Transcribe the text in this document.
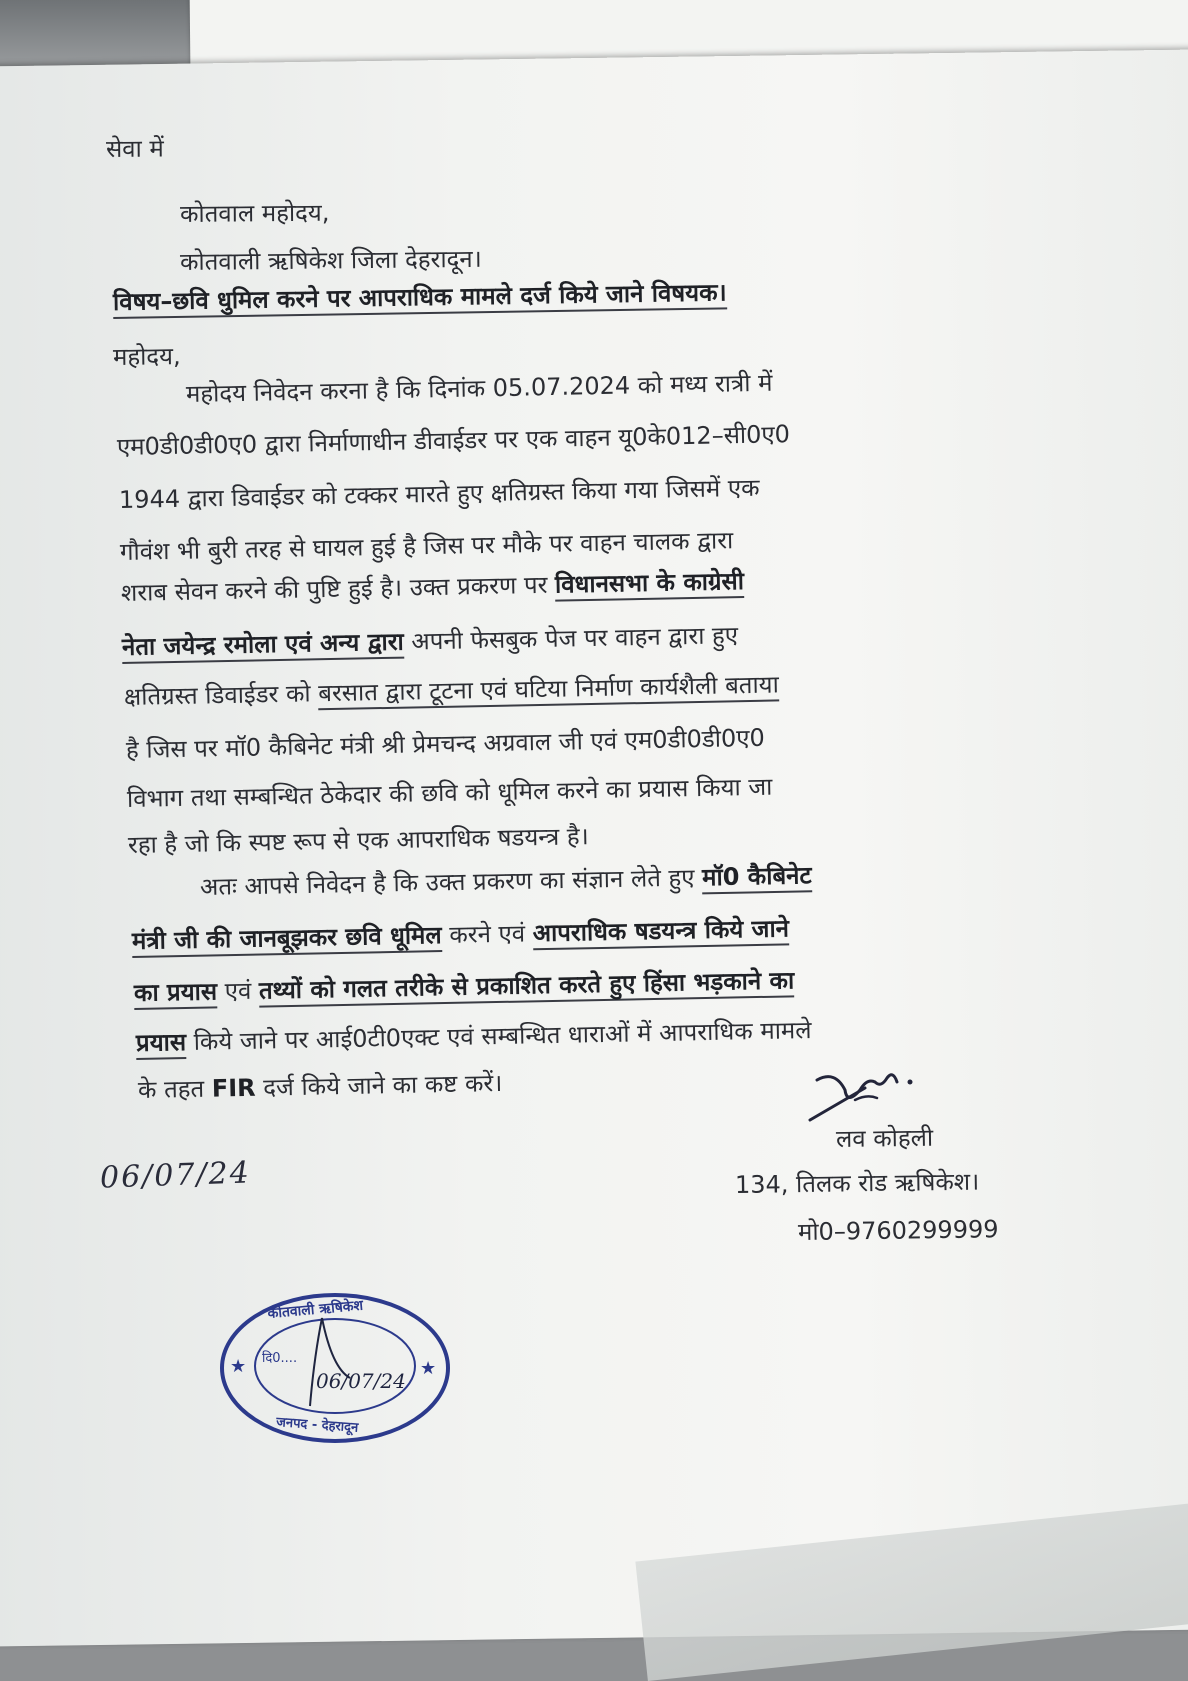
सेवा में
कोतवाल महोदय,
कोतवाली ऋषिकेश जिला देहरादून।
विषय–छवि धुमिल करने पर आपराधिक मामले दर्ज किये जाने विषयक।
महोदय,
महोदय निवेदन करना है कि दिनांक 05.07.2024 को मध्य रात्री में
एम0डी0डी0ए0 द्वारा निर्माणाधीन डीवाईडर पर एक वाहन यू0के012–सी0ए0
1944 द्वारा डिवाईडर को टक्कर मारते हुए क्षतिग्रस्त किया गया जिसमें एक
गौवंश भी बुरी तरह से घायल हुई है जिस पर मौके पर वाहन चालक द्वारा
शराब सेवन करने की पुष्टि हुई है। उक्त प्रकरण पर विधानसभा के काग्रेसी
नेता जयेन्द्र रमोला एवं अन्य द्वारा अपनी फेसबुक पेज पर वाहन द्वारा हुए
क्षतिग्रस्त डिवाईडर को बरसात द्वारा टूटना एवं घटिया निर्माण कार्यशैली बताया
है जिस पर मॉ0 कैबिनेट मंत्री श्री प्रेमचन्द अग्रवाल जी एवं एम0डी0डी0ए0
विभाग तथा सम्बन्धित ठेकेदार की छवि को धूमिल करने का प्रयास किया जा
रहा है जो कि स्पष्ट रूप से एक आपराधिक षडयन्त्र है।
अतः आपसे निवेदन है कि उक्त प्रकरण का संज्ञान लेते हुए मॉ0 कैबिनेट
मंत्री जी की जानबूझकर छवि धूमिल करने एवं आपराधिक षडयन्त्र किये जाने
का प्रयास एवं तथ्यों को गलत तरीके से प्रकाशित करते हुए हिंसा भड़काने का
प्रयास किये जाने पर आई0टी0एक्ट एवं सम्बन्धित धाराओं में आपराधिक मामले
के तहत FIR दर्ज किये जाने का कष्ट करें।
लव कोहली
134, तिलक रोड ऋषिकेश।
मो0–9760299999
06/07/24
★	★
कोतवाली ऋषिकेश
दि0....
06/07/24
जनपद - देहरादून
